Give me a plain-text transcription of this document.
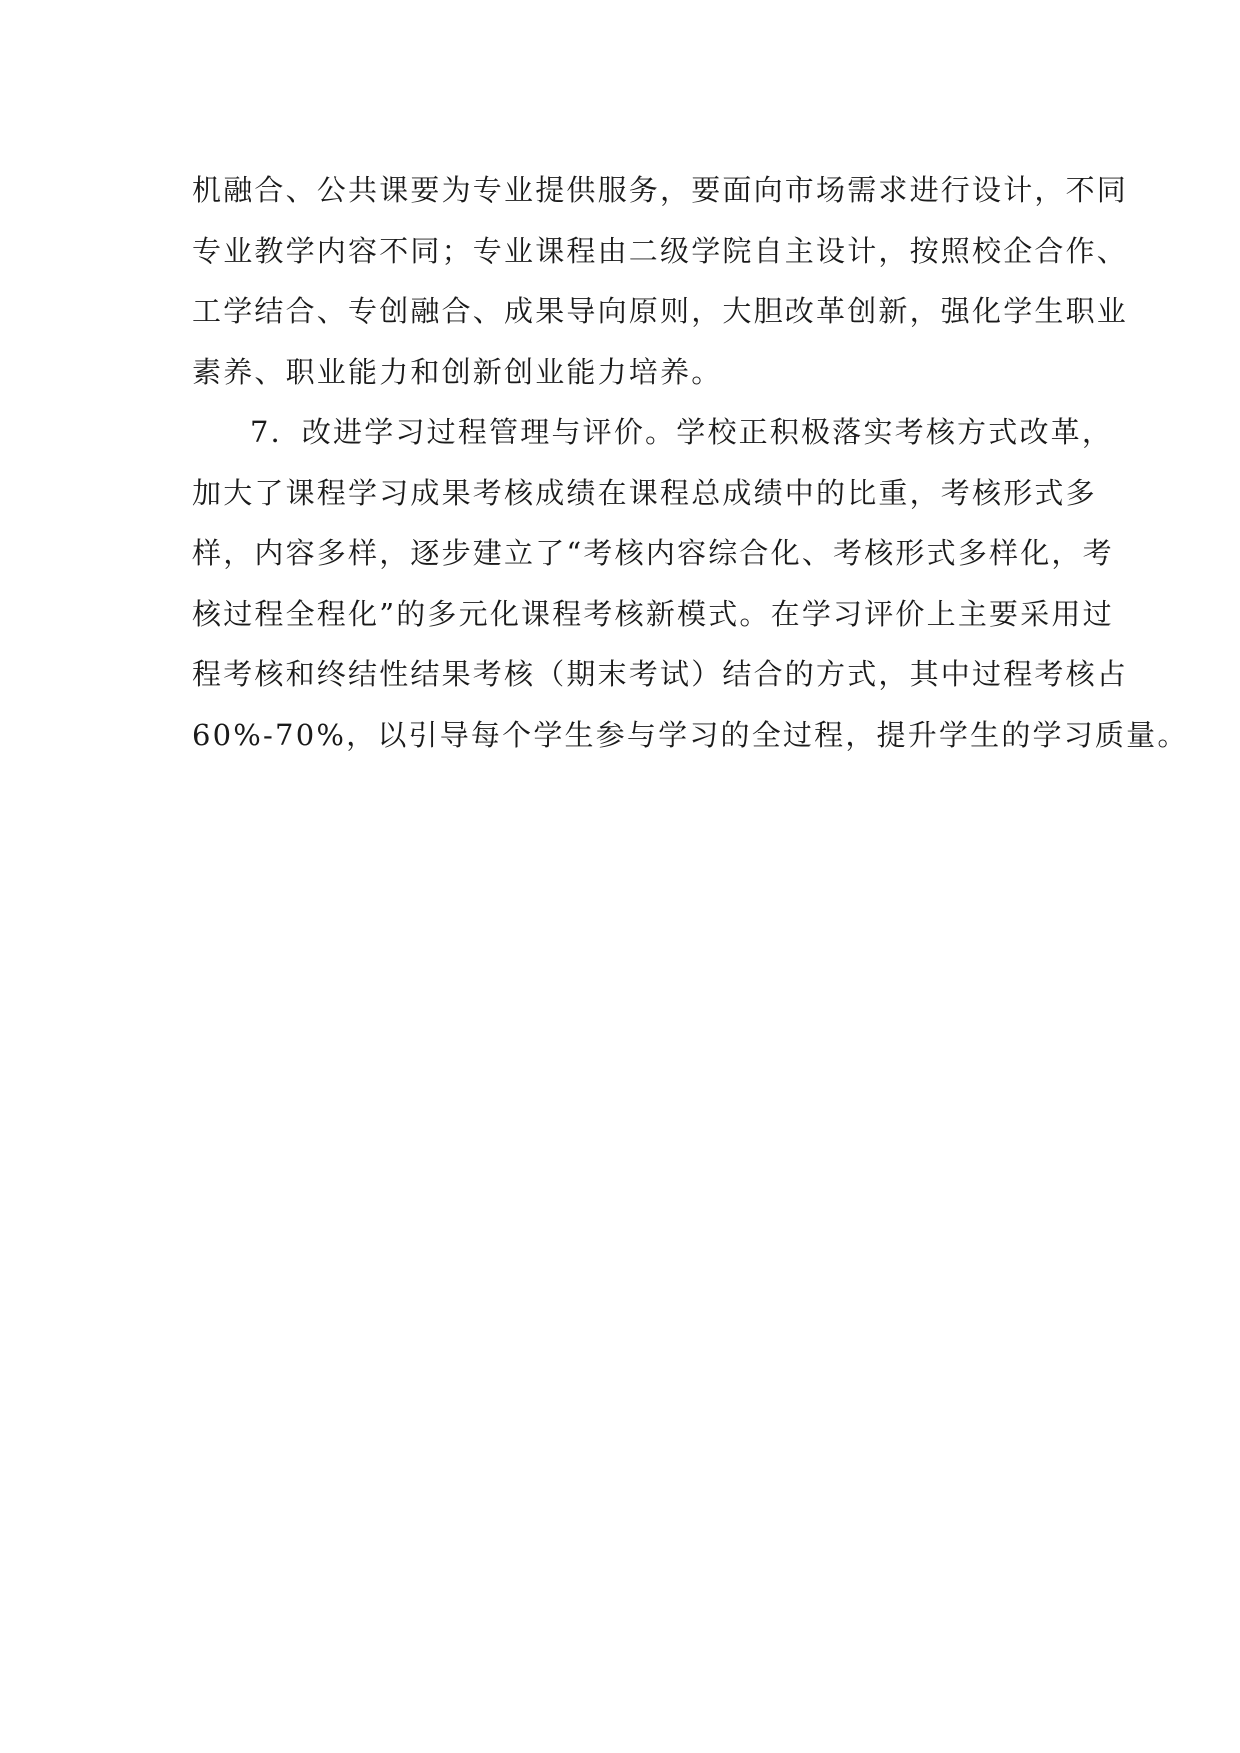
机融合、公共课要为专业提供服务，要面向市场需求进行设计，不同
专业教学内容不同；专业课程由二级学院自主设计，按照校企合作、
工学结合、专创融合、成果导向原则，大胆改革创新，强化学生职业
素养、职业能力和创新创业能力培养。
7．改进学习过程管理与评价。学校正积极落实考核方式改革，
加大了课程学习成果考核成绩在课程总成绩中的比重，考核形式多
样，内容多样，逐步建立了“考核内容综合化、考核形式多样化，考
核过程全程化”的多元化课程考核新模式。在学习评价上主要采用过
程考核和终结性结果考核（期末考试）结合的方式，其中过程考核占
60%-70%，以引导每个学生参与学习的全过程，提升学生的学习质量。
